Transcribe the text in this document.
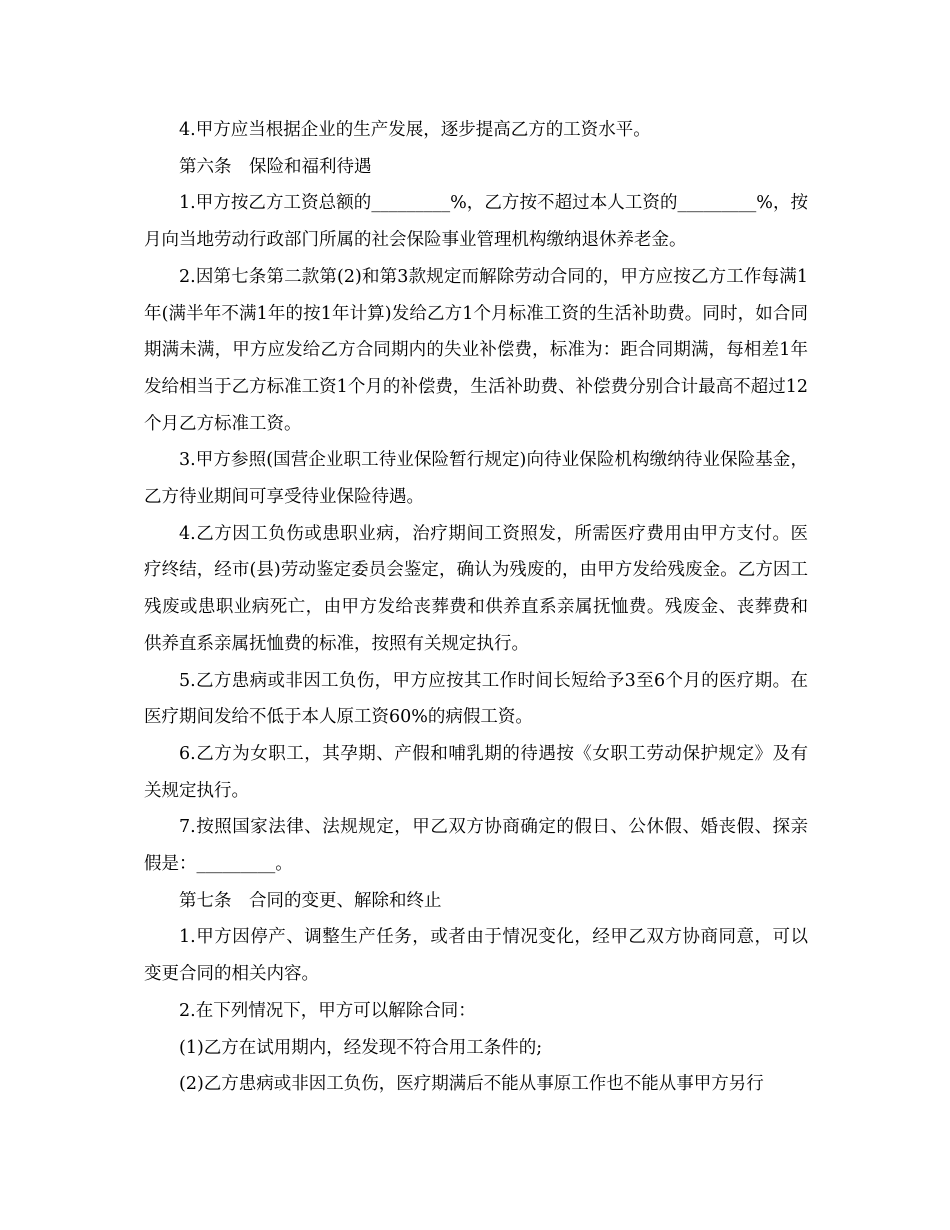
4.甲方应当根据企业的生产发展，逐步提高乙方的工资水平。

第六条　保险和福利待遇

1.甲方按乙方工资总额的_________%，乙方按不超过本人工资的_________%，按月向当地劳动行政部门所属的社会保险事业管理机构缴纳退休养老金。

2.因第七条第二款第(2)和第3款规定而解除劳动合同的，甲方应按乙方工作每满1年(满半年不满1年的按1年计算)发给乙方1个月标准工资的生活补助费。同时，如合同期满未满，甲方应发给乙方合同期内的失业补偿费，标准为：距合同期满，每相差1年发给相当于乙方标准工资1个月的补偿费，生活补助费、补偿费分别合计最高不超过12个月乙方标准工资。

3.甲方参照(国营企业职工待业保险暂行规定)向待业保险机构缴纳待业保险基金，乙方待业期间可享受待业保险待遇。

4.乙方因工负伤或患职业病，治疗期间工资照发，所需医疗费用由甲方支付。医疗终结，经市(县)劳动鉴定委员会鉴定，确认为残废的，由甲方发给残废金。乙方因工残废或患职业病死亡，由甲方发给丧葬费和供养直系亲属抚恤费。残废金、丧葬费和供养直系亲属抚恤费的标准，按照有关规定执行。

5.乙方患病或非因工负伤，甲方应按其工作时间长短给予3至6个月的医疗期。在医疗期间发给不低于本人原工资60%的病假工资。

6.乙方为女职工，其孕期、产假和哺乳期的待遇按《女职工劳动保护规定》及有关规定执行。

7.按照国家法律、法规规定，甲乙双方协商确定的假日、公休假、婚丧假、探亲假是：_________。

第七条　合同的变更、解除和终止

1.甲方因停产、调整生产任务，或者由于情况变化，经甲乙双方协商同意，可以变更合同的相关内容。

2.在下列情况下，甲方可以解除合同：

(1)乙方在试用期内，经发现不符合用工条件的;

(2)乙方患病或非因工负伤，医疗期满后不能从事原工作也不能从事甲方另行
